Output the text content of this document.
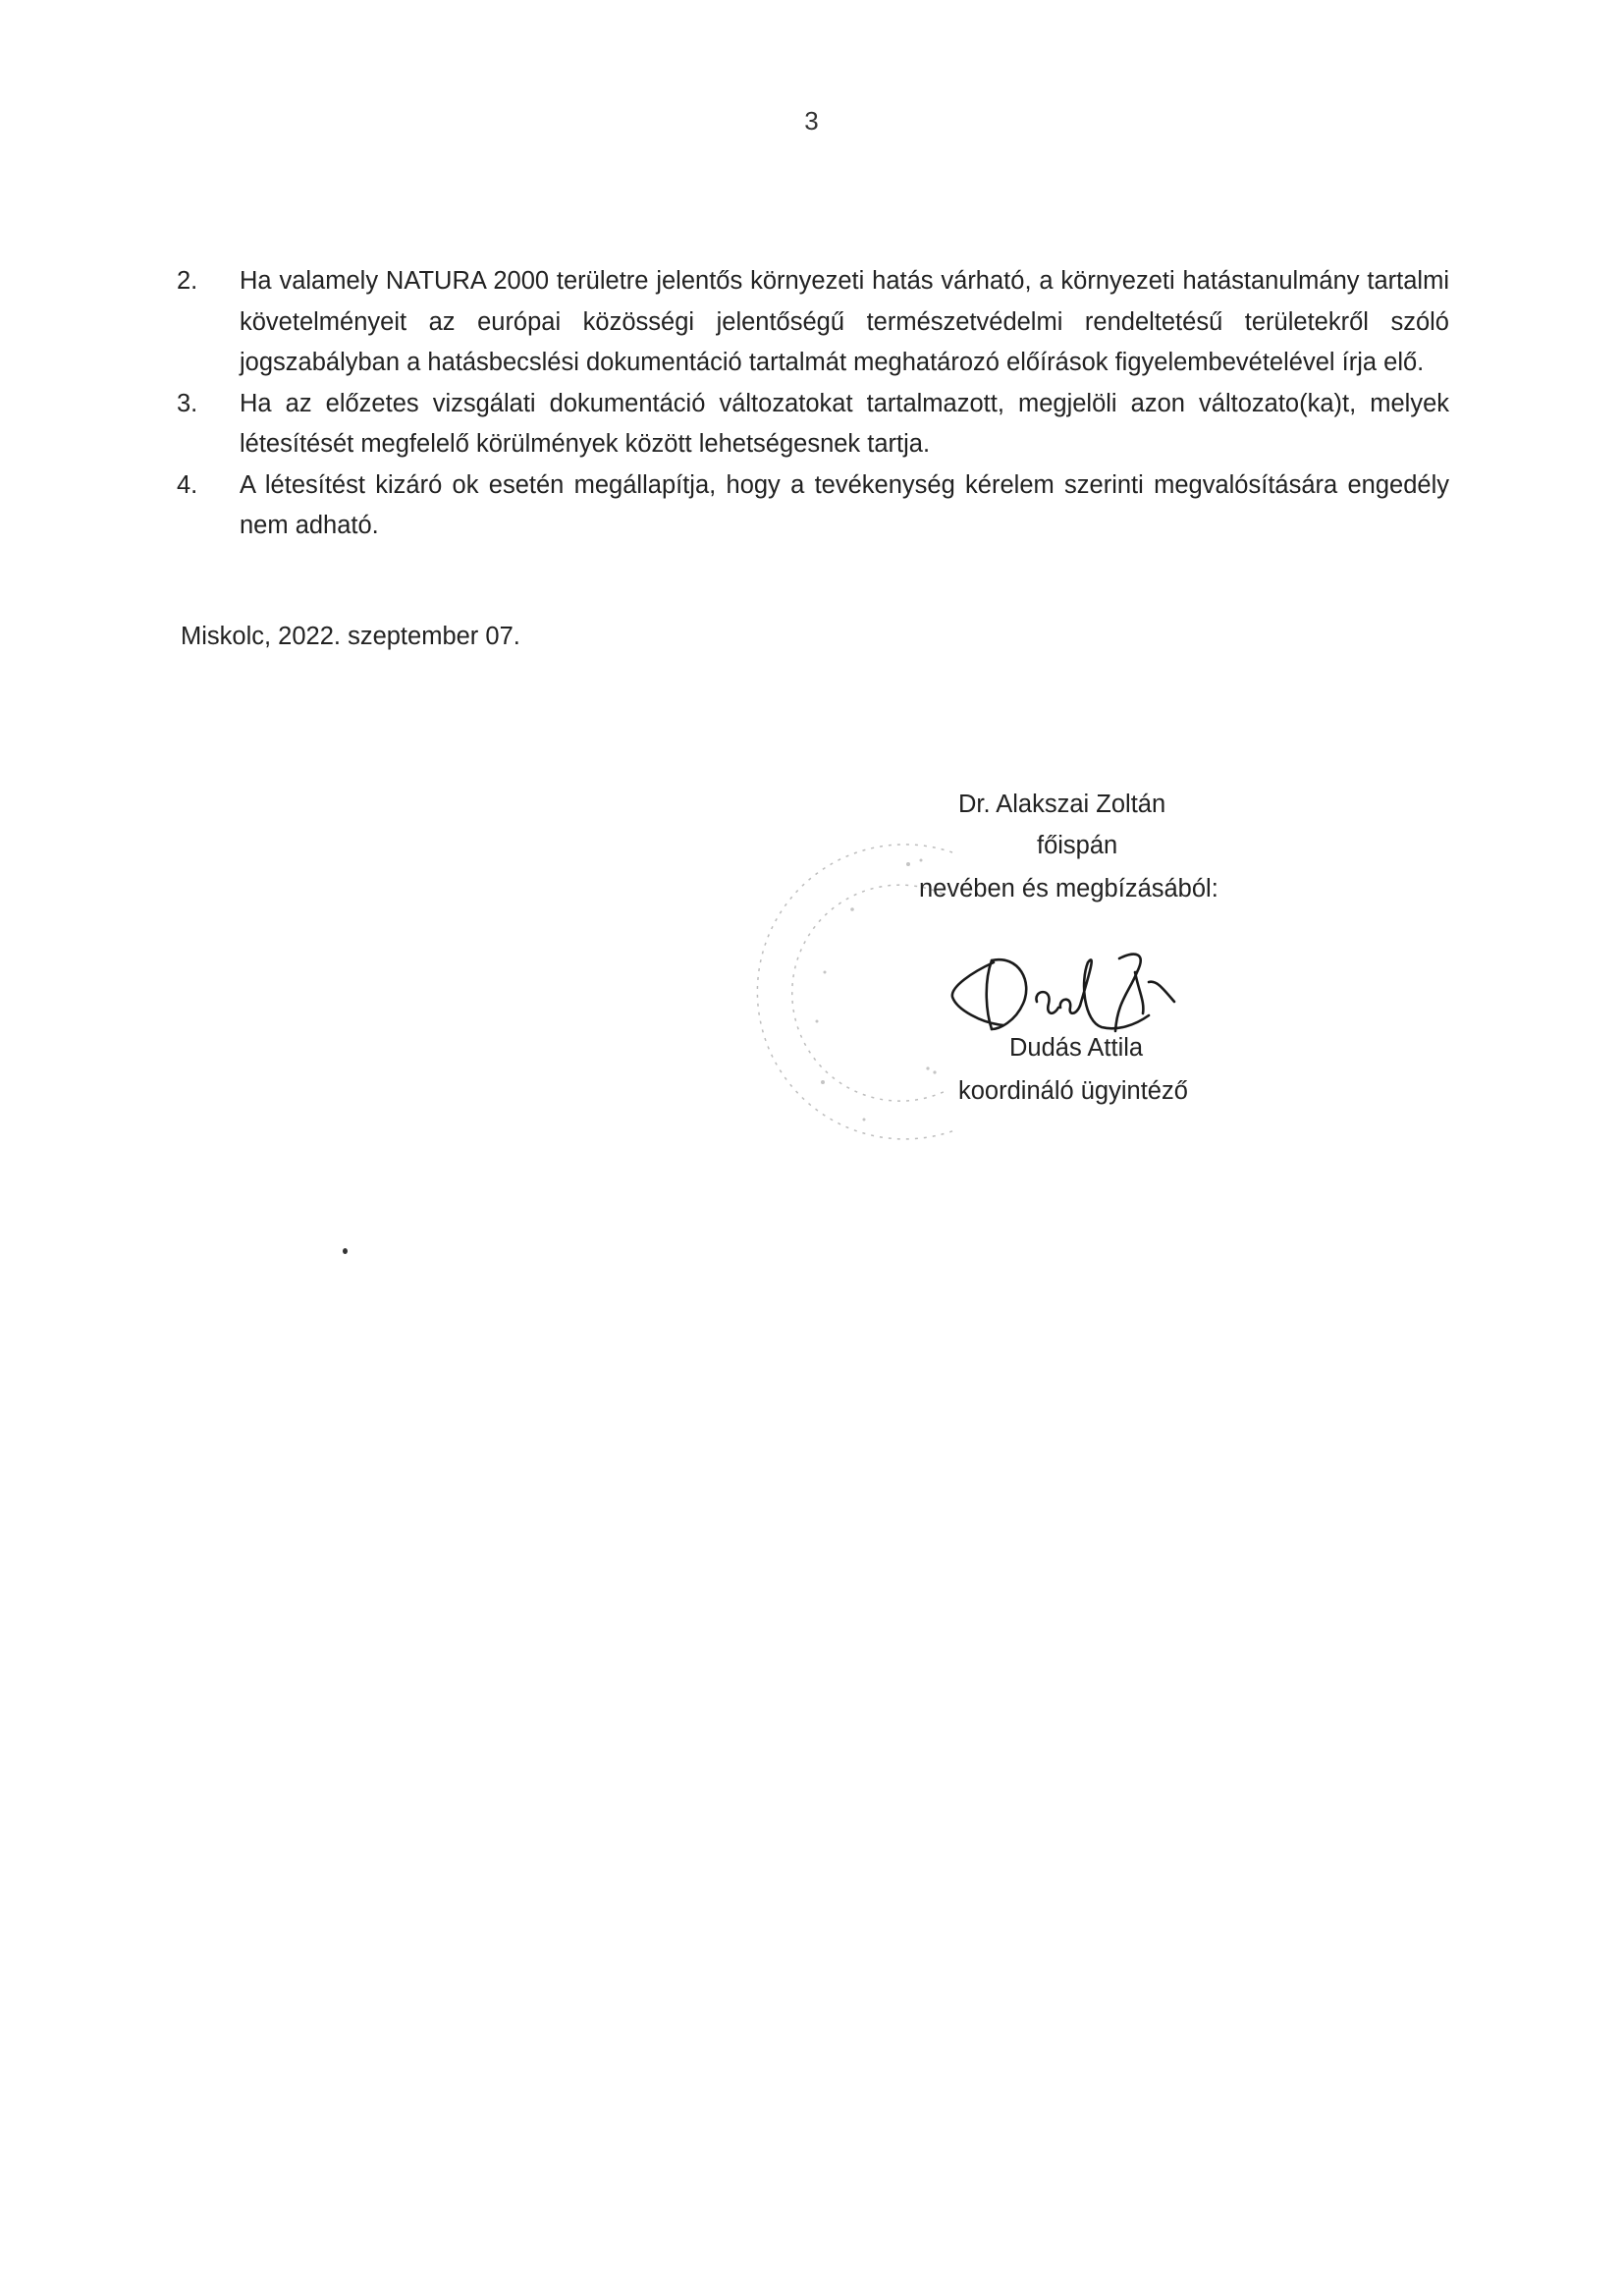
3
2. Ha valamely NATURA 2000 területre jelentős környezeti hatás várható, a környezeti hatástanulmány tartalmi követelményeit az európai közösségi jelentőségű természetvédelmi rendeltetésű területekről szóló jogszabályban a hatásbecslési dokumentáció tartalmát meghatározó előírások figyelembevételével írja elő.
3. Ha az előzetes vizsgálati dokumentáció változatokat tartalmazott, megjelöli azon változato(ka)t, melyek létesítését megfelelő körülmények között lehetségesnek tartja.
4. A létesítést kizáró ok esetén megállapítja, hogy a tevékenység kérelem szerinti megvalósítására engedély nem adható.
Miskolc, 2022. szeptember 07.
Dr. Alakszai Zoltán
főispán
nevében és megbízásából:
Dudás Attila
koordináló ügyintéző
